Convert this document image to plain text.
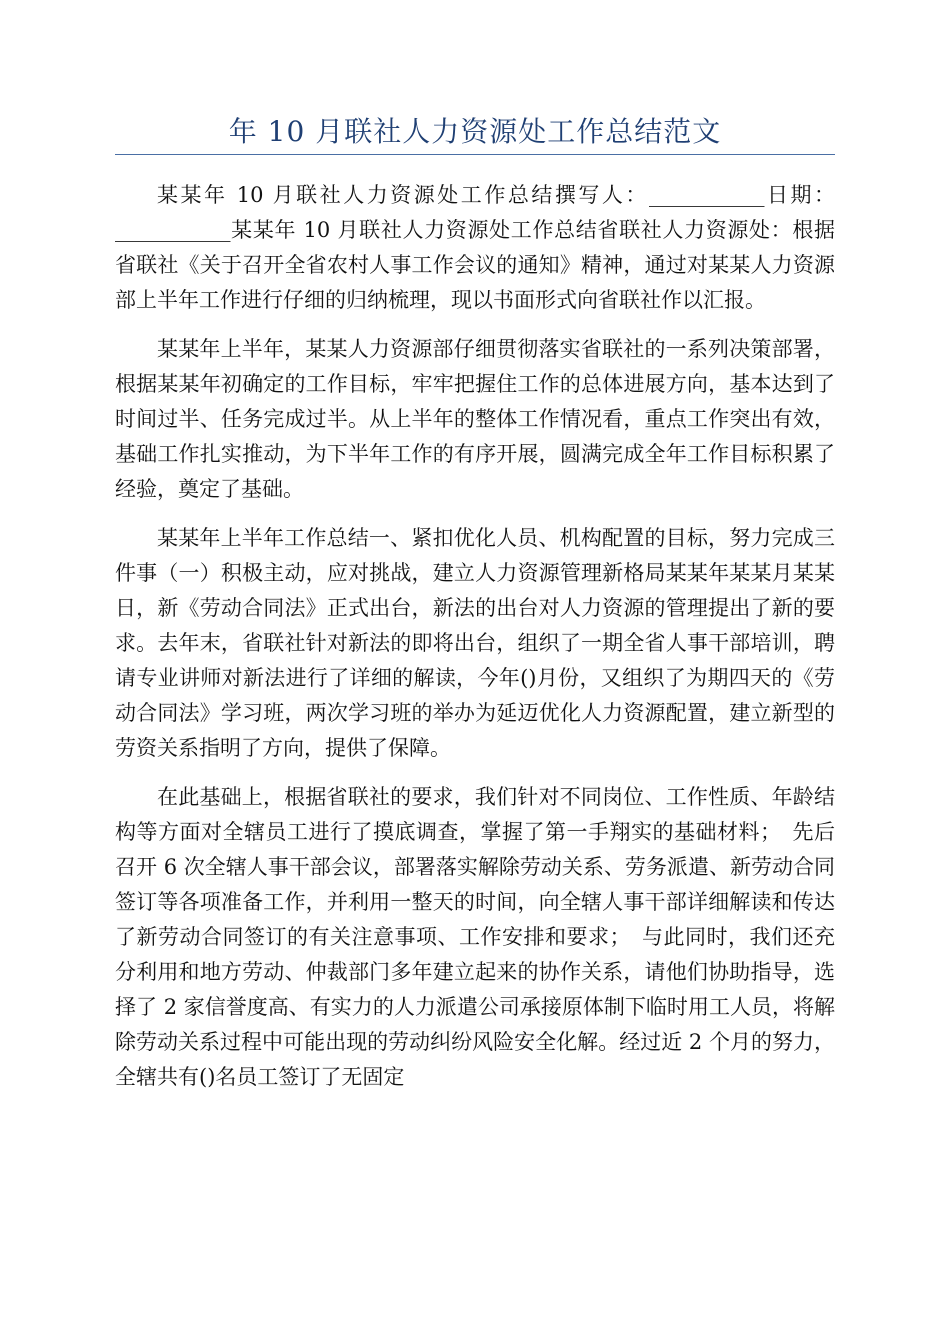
年 10 月联社人力资源处工作总结范文

某某年 10 月联社人力资源处工作总结撰写人：___________日期：___________某某年 10 月联社人力资源处工作总结省联社人力资源处：根据省联社《关于召开全省农村人事工作会议的通知》精神，通过对某某人力资源部上半年工作进行仔细的归纳梳理，现以书面形式向省联社作以汇报。

某某年上半年，某某人力资源部仔细贯彻落实省联社的一系列决策部署，根据某某年初确定的工作目标，牢牢把握住工作的总体进展方向，基本达到了时间过半、任务完成过半。从上半年的整体工作情况看，重点工作突出有效，基础工作扎实推动，为下半年工作的有序开展，圆满完成全年工作目标积累了经验，奠定了基础。

某某年上半年工作总结一、紧扣优化人员、机构配置的目标，努力完成三件事（一）积极主动，应对挑战，建立人力资源管理新格局某某年某某月某某日，新《劳动合同法》正式出台，新法的出台对人力资源的管理提出了新的要求。去年末，省联社针对新法的即将出台，组织了一期全省人事干部培训，聘请专业讲师对新法进行了详细的解读，今年()月份，又组织了为期四天的《劳动合同法》学习班，两次学习班的举办为延迈优化人力资源配置，建立新型的劳资关系指明了方向，提供了保障。

在此基础上，根据省联社的要求，我们针对不同岗位、工作性质、年龄结构等方面对全辖员工进行了摸底调查，掌握了第一手翔实的基础材料；　先后召开 6 次全辖人事干部会议，部署落实解除劳动关系、劳务派遣、新劳动合同签订等各项准备工作，并利用一整天的时间，向全辖人事干部详细解读和传达了新劳动合同签订的有关注意事项、工作安排和要求；　与此同时，我们还充分利用和地方劳动、仲裁部门多年建立起来的协作关系，请他们协助指导，选择了 2 家信誉度高、有实力的人力派遣公司承接原体制下临时用工人员，将解除劳动关系过程中可能出现的劳动纠纷风险安全化解。经过近 2 个月的努力，全辖共有()名员工签订了无固定
